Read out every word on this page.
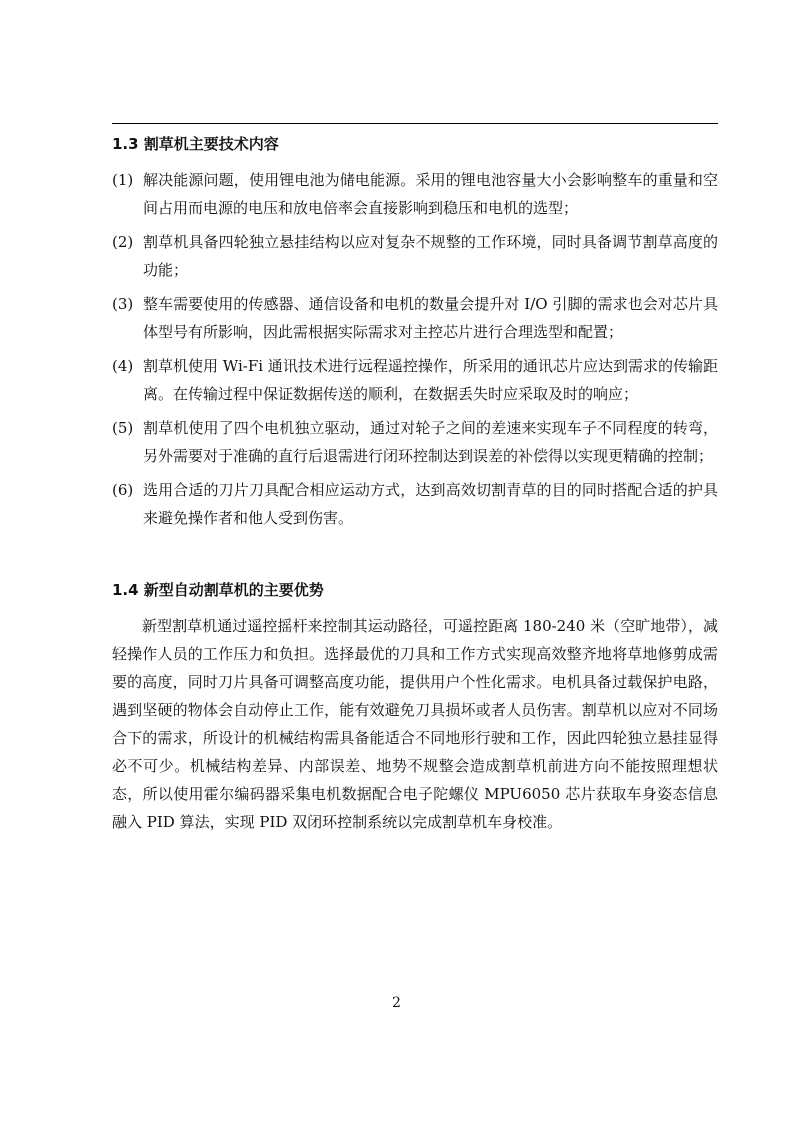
1.3 割草机主要技术内容
(1) 解决能源问题，使用锂电池为储电能源。采用的锂电池容量大小会影响整车的重量和空间占用而电源的电压和放电倍率会直接影响到稳压和电机的选型；
(2) 割草机具备四轮独立悬挂结构以应对复杂不规整的工作环境，同时具备调节割草高度的功能；
(3) 整车需要使用的传感器、通信设备和电机的数量会提升对 I/O 引脚的需求也会对芯片具体型号有所影响，因此需根据实际需求对主控芯片进行合理选型和配置；
(4) 割草机使用 Wi-Fi 通讯技术进行远程遥控操作，所采用的通讯芯片应达到需求的传输距离。在传输过程中保证数据传送的顺利，在数据丢失时应采取及时的响应；
(5) 割草机使用了四个电机独立驱动，通过对轮子之间的差速来实现车子不同程度的转弯，另外需要对于准确的直行后退需进行闭环控制达到误差的补偿得以实现更精确的控制；
(6) 选用合适的刀片刀具配合相应运动方式，达到高效切割青草的目的同时搭配合适的护具来避免操作者和他人受到伤害。
1.4 新型自动割草机的主要优势

新型割草机通过遥控摇杆来控制其运动路径，可遥控距离 180-240 米（空旷地带），减轻操作人员的工作压力和负担。选择最优的刀具和工作方式实现高效整齐地将草地修剪成需要的高度，同时刀片具备可调整高度功能，提供用户个性化需求。电机具备过载保护电路，遇到坚硬的物体会自动停止工作，能有效避免刀具损坏或者人员伤害。割草机以应对不同场合下的需求，所设计的机械结构需具备能适合不同地形行驶和工作，因此四轮独立悬挂显得必不可少。机械结构差异、内部误差、地势不规整会造成割草机前进方向不能按照理想状态，所以使用霍尔编码器采集电机数据配合电子陀螺仪 MPU6050 芯片获取车身姿态信息融入 PID 算法，实现 PID 双闭环控制系统以完成割草机车身校准。

2
